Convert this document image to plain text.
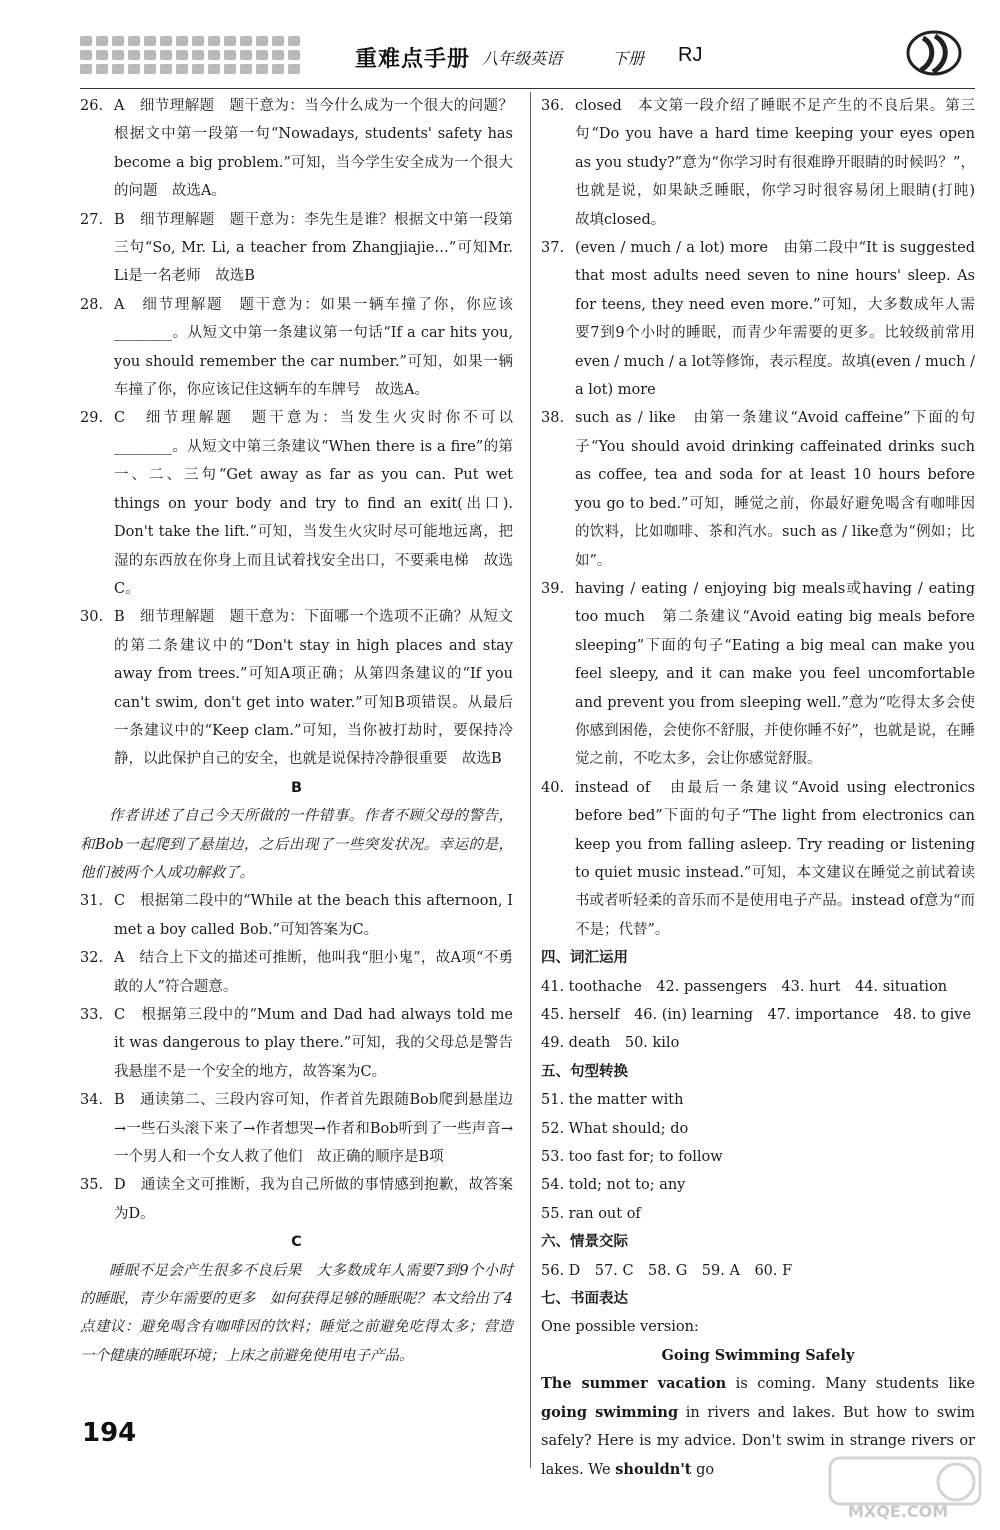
重难点手册 八年级英语	下册 RJ
26. A　细节理解题　题干意为：当今什么成为一个很大的问题？根据文中第一段第一句“Nowadays, students' safety has become a big problem.”可知，当今学生安全成为一个很大的问题　故选A。
27. B　细节理解题　题干意为：李先生是谁？根据文中第一段第三句“So, Mr. Li, a teacher from Zhangjiajie…”可知Mr. Li是一名老师　故选B
28. A　细节理解题　题干意为：如果一辆车撞了你，你应该________。从短文中第一条建议第一句话“If a car hits you, you should remember the car number.”可知，如果一辆车撞了你，你应该记住这辆车的车牌号　故选A。
29. C　细节理解题　题干意为：当发生火灾时你不可以________。从短文中第三条建议“When there is a fire”的第一、二、三句“Get away as far as you can. Put wet things on your body and try to find an exit(出口). Don't take the lift.”可知，当发生火灾时尽可能地远离，把湿的东西放在你身上而且试着找安全出口，不要乘电梯　故选C。
30. B　细节理解题　题干意为：下面哪一个选项不正确？从短文的第二条建议中的“Don't stay in high places and stay away from trees.”可知A项正确；从第四条建议的“If you can't swim, don't get into water.”可知B项错误。从最后一条建议中的“Keep clam.”可知，当你被打劫时，要保持冷静，以此保护自己的安全，也就是说保持冷静很重要　故选B

B

作者讲述了自己今天所做的一件错事。作者不顾父母的警告，和Bob一起爬到了悬崖边，之后出现了一些突发状况。幸运的是，他们被两个人成功解救了。

31. C　根据第二段中的“While at the beach this afternoon, I met a boy called Bob.”可知答案为C。
32. A　结合上下文的描述可推断，他叫我“胆小鬼”，故A项“不勇敢的人”符合题意。
33. C　根据第三段中的“Mum and Dad had always told me it was dangerous to play there.”可知，我的父母总是警告我悬崖不是一个安全的地方，故答案为C。
34. B　通读第二、三段内容可知，作者首先跟随Bob爬到悬崖边→一些石头滚下来了→作者想哭→作者和Bob听到了一些声音→一个男人和一个女人救了他们　故正确的顺序是B项
35. D　通读全文可推断，我为自己所做的事情感到抱歉，故答案为D。

C

睡眠不足会产生很多不良后果　大多数成年人需要7到9个小时的睡眠，青少年需要的更多　如何获得足够的睡眠呢？本文给出了4点建议：避免喝含有咖啡因的饮料；睡觉之前避免吃得太多；营造一个健康的睡眠环境；上床之前避免使用电子产品。

36. closed　本文第一段介绍了睡眠不足产生的不良后果。第三句“Do you have a hard time keeping your eyes open as you study?”意为“你学习时有很难睁开眼睛的时候吗？”，也就是说，如果缺乏睡眠，你学习时很容易闭上眼睛(打盹)　故填closed。
37. (even / much / a lot) more　由第二段中“It is suggested that most adults need seven to nine hours' sleep. As for teens, they need even more.”可知，大多数成年人需要7到9个小时的睡眠，而青少年需要的更多。比较级前常用even / much / a lot等修饰，表示程度。故填(even / much / a lot) more
38. such as / like　由第一条建议“Avoid caffeine”下面的句子“You should avoid drinking caffeinated drinks such as coffee, tea and soda for at least 10 hours before you go to bed.”可知，睡觉之前，你最好避免喝含有咖啡因的饮料，比如咖啡、茶和汽水。such as / like意为“例如；比如”。
39. having / eating / enjoying big meals或having / eating too much　第二条建议“Avoid eating big meals before sleeping”下面的句子“Eating a big meal can make you feel sleepy, and it can make you feel uncomfortable and prevent you from sleeping well.”意为“吃得太多会使你感到困倦，会使你不舒服，并使你睡不好”，也就是说，在睡觉之前，不吃太多，会让你感觉舒服。
40. instead of　由最后一条建议“Avoid using electronics before bed”下面的句子“The light from electronics can keep you from falling asleep. Try reading or listening to quiet music instead.”可知，本文建议在睡觉之前试着读书或者听轻柔的音乐而不是使用电子产品。instead of意为“而不是；代替”。

四、词汇运用

41. toothache　42. passengers　43. hurt　44. situation

45. herself　46. (in) learning　47. importance　48. to give

49. death　50. kilo

五、句型转换

51. the matter with

52. What should; do

53. too fast for; to follow

54. told; not to; any

55. ran out of

六、情景交际

56. D　57. C　58. G　59. A　60. F

七、书面表达

One possible version:

Going Swimming Safely

The summer vacation is coming. Many students like going swimming in rivers and lakes. But how to swim safely? Here is my advice. Don't swim in strange rivers or lakes. We shouldn't go

194
MXQE.COM
